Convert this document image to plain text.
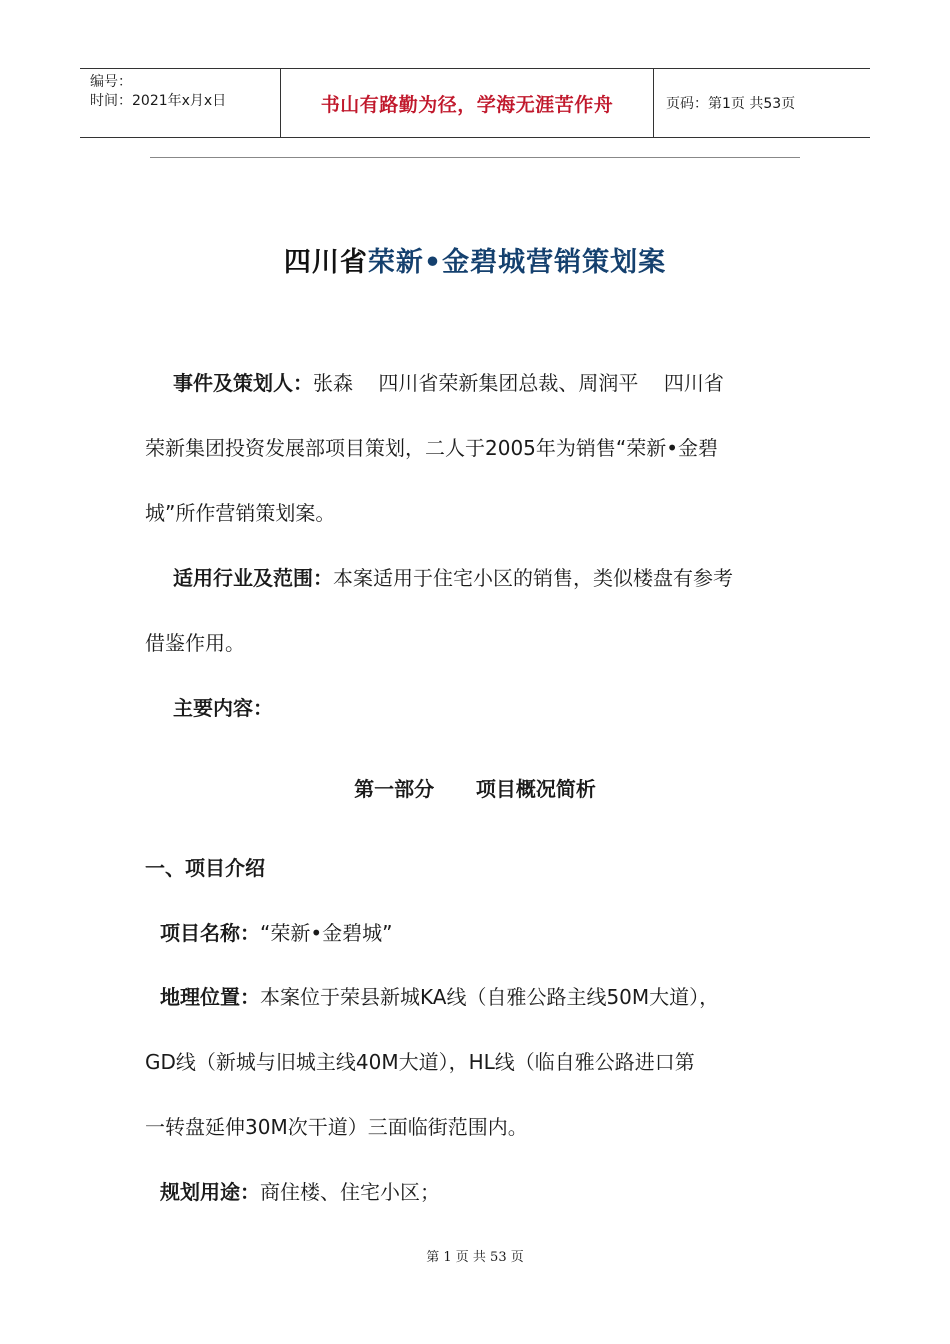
编号：
时间：2021年x月x日	书山有路勤为径，学海无涯苦作舟	页码：第1页 共53页
四川省荣新•金碧城营销策划案
事件及策划人：张森    四川省荣新集团总裁、周润平    四川省
荣新集团投资发展部项目策划，二人于2005年为销售“荣新•金碧
城”所作营销策划案。
适用行业及范围：本案适用于住宅小区的销售，类似楼盘有参考
借鉴作用。
主要内容：
第一部分      项目概况简析
一、项目介绍
项目名称：“荣新•金碧城”
地理位置：本案位于荣县新城KA线（自雅公路主线50M大道），
GD线（新城与旧城主线40M大道），HL线（临自雅公路进口第
一转盘延伸30M次干道）三面临街范围内。
规划用途：商住楼、住宅小区；
第 1 页 共 53 页
